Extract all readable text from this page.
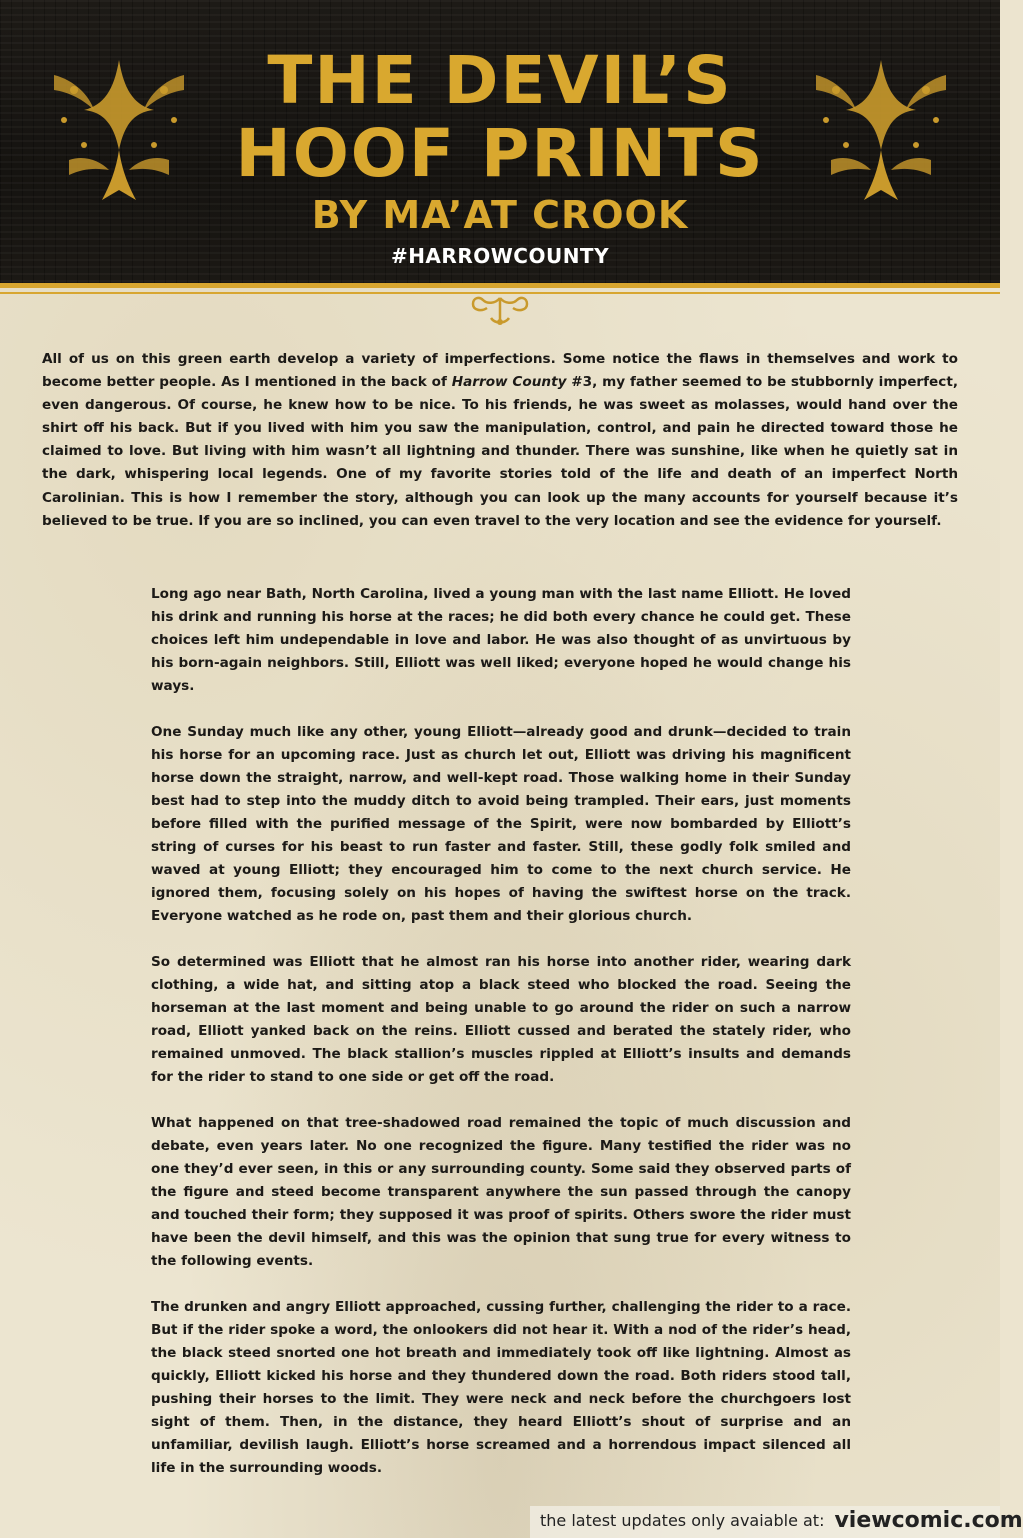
THE DEVIL’S
HOOF PRINTS
BY MA’AT CROOK
#HARROWCOUNTY

All of us on this green earth develop a variety of imperfections. Some notice the flaws in themselves and work to become better people. As I mentioned in the back of Harrow County #3, my father seemed to be stubbornly imperfect, even dangerous. Of course, he knew how to be nice. To his friends, he was sweet as molasses, would hand over the shirt off his back. But if you lived with him you saw the manipulation, control, and pain he directed toward those he claimed to love. But living with him wasn’t all lightning and thunder. There was sunshine, like when he quietly sat in the dark, whispering local legends. One of my favorite stories told of the life and death of an imperfect North Carolinian. This is how I remember the story, although you can look up the many accounts for yourself because it’s believed to be true. If you are so inclined, you can even travel to the very location and see the evidence for yourself.

Long ago near Bath, North Carolina, lived a young man with the last name Elliott. He loved his drink and running his horse at the races; he did both every chance he could get. These choices left him undependable in love and labor. He was also thought of as unvirtuous by his born-again neighbors. Still, Elliott was well liked; everyone hoped he would change his ways.

One Sunday much like any other, young Elliott—already good and drunk—decided to train his horse for an upcoming race. Just as church let out, Elliott was driving his magnificent horse down the straight, narrow, and well-kept road. Those walking home in their Sunday best had to step into the muddy ditch to avoid being trampled. Their ears, just moments before filled with the purified message of the Spirit, were now bombarded by Elliott’s string of curses for his beast to run faster and faster. Still, these godly folk smiled and waved at young Elliott; they encouraged him to come to the next church service. He ignored them, focusing solely on his hopes of having the swiftest horse on the track. Everyone watched as he rode on, past them and their glorious church.

So determined was Elliott that he almost ran his horse into another rider, wearing dark clothing, a wide hat, and sitting atop a black steed who blocked the road. Seeing the horseman at the last moment and being unable to go around the rider on such a narrow road, Elliott yanked back on the reins. Elliott cussed and berated the stately rider, who remained unmoved. The black stallion’s muscles rippled at Elliott’s insults and demands for the rider to stand to one side or get off the road.

What happened on that tree-shadowed road remained the topic of much discussion and debate, even years later. No one recognized the figure. Many testified the rider was no one they’d ever seen, in this or any surrounding county. Some said they observed parts of the figure and steed become transparent anywhere the sun passed through the canopy and touched their form; they supposed it was proof of spirits. Others swore the rider must have been the devil himself, and this was the opinion that sung true for every witness to the following events.

The drunken and angry Elliott approached, cussing further, challenging the rider to a race. But if the rider spoke a word, the onlookers did not hear it. With a nod of the rider’s head, the black steed snorted one hot breath and immediately took off like lightning. Almost as quickly, Elliott kicked his horse and they thundered down the road. Both riders stood tall, pushing their horses to the limit. They were neck and neck before the churchgoers lost sight of them. Then, in the distance, they heard Elliott’s shout of surprise and an unfamiliar, devilish laugh. Elliott’s horse screamed and a horrendous impact silenced all life in the surrounding woods.

the latest updates only avaiable at: viewcomic.com
